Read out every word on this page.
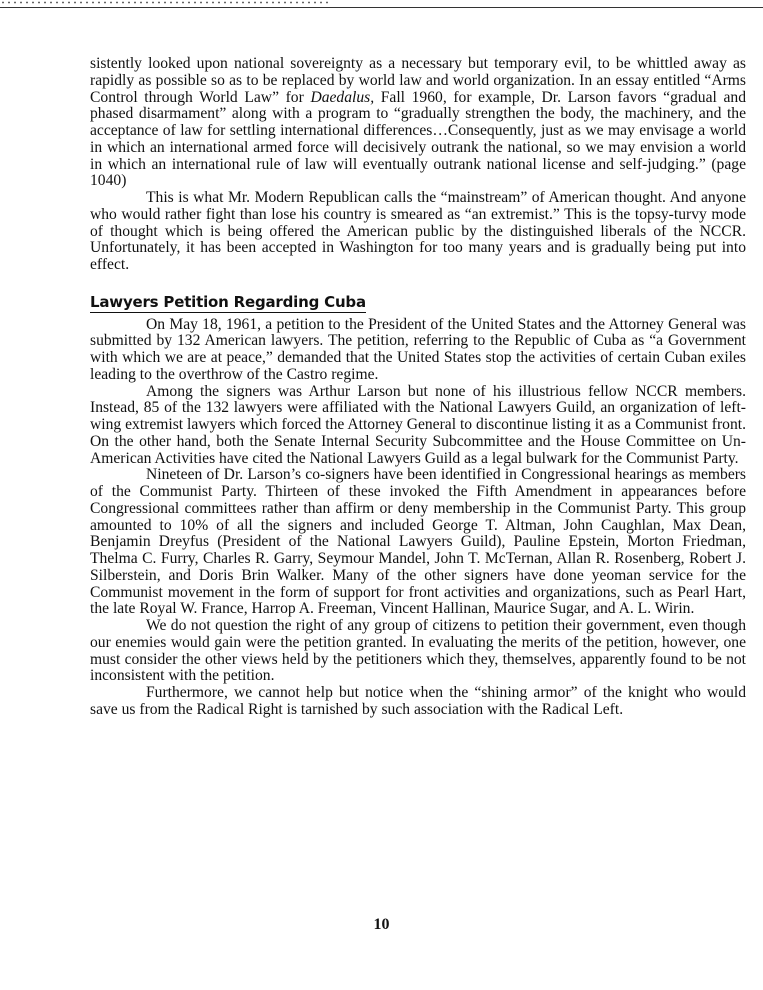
sistently looked upon national sovereignty as a necessary but temporary evil, to be whittled away as rapidly as possible so as to be replaced by world law and world organization. In an essay entitled “Arms Control through World Law” for Daedalus, Fall 1960, for example, Dr. Larson favors “gradual and phased disarmament” along with a program to “gradually strengthen the body, the machinery, and the acceptance of law for settling international differences…Consequently, just as we may envisage a world in which an international armed force will decisively outrank the national, so we may envision a world in which an international rule of law will eventually outrank national license and self-judging.” (page 1040)

This is what Mr. Modern Republican calls the “mainstream” of American thought. And anyone who would rather fight than lose his country is smeared as “an extremist.” This is the topsy-turvy mode of thought which is being offered the American public by the distinguished liberals of the NCCR. Unfortunately, it has been accepted in Washington for too many years and is gradually being put into effect.

Lawyers Petition Regarding Cuba

On May 18, 1961, a petition to the President of the United States and the Attorney General was submitted by 132 American lawyers. The petition, referring to the Republic of Cuba as “a Government with which we are at peace,” demanded that the United States stop the activities of certain Cuban exiles leading to the overthrow of the Castro regime.

Among the signers was Arthur Larson but none of his illustrious fellow NCCR members. Instead, 85 of the 132 lawyers were affiliated with the National Lawyers Guild, an organization of left-wing extremist lawyers which forced the Attorney General to discontinue listing it as a Communist front. On the other hand, both the Senate Internal Security Subcommittee and the House Committee on Un-American Activities have cited the National Lawyers Guild as a legal bulwark for the Communist Party.

Nineteen of Dr. Larson’s co-signers have been identified in Congressional hearings as members of the Communist Party. Thirteen of these invoked the Fifth Amendment in appearances before Congressional committees rather than affirm or deny membership in the Communist Party. This group amounted to 10% of all the signers and included George T. Altman, John Caughlan, Max Dean, Benjamin Dreyfus (President of the National Lawyers Guild), Pauline Epstein, Morton Friedman, Thelma C. Furry, Charles R. Garry, Seymour Mandel, John T. McTernan, Allan R. Rosenberg, Robert J. Silberstein, and Doris Brin Walker. Many of the other signers have done yeoman service for the Communist movement in the form of support for front activities and organizations, such as Pearl Hart, the late Royal W. France, Harrop A. Freeman, Vincent Hallinan, Maurice Sugar, and A. L. Wirin.

We do not question the right of any group of citizens to petition their government, even though our enemies would gain were the petition granted. In evaluating the merits of the petition, however, one must consider the other views held by the petitioners which they, themselves, apparently found to be not inconsistent with the petition.

Furthermore, we cannot help but notice when the “shining armor” of the knight who would save us from the Radical Right is tarnished by such association with the Radical Left.

10
